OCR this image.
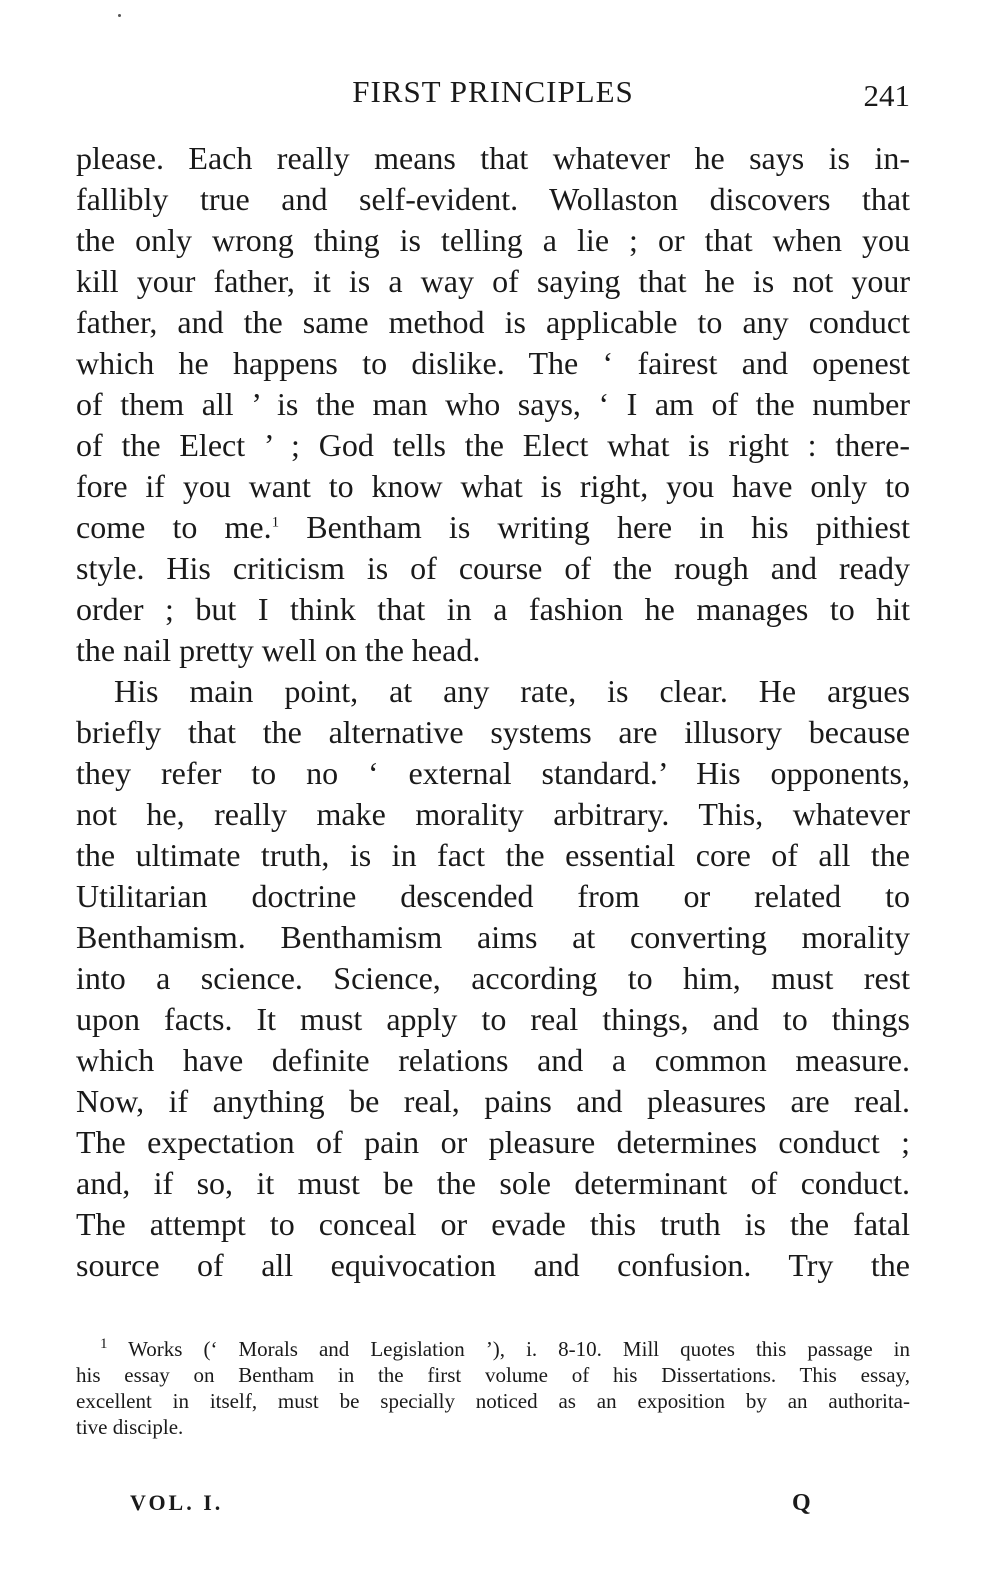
FIRST PRINCIPLES	241
please. Each really means that whatever he says is in-
fallibly true and self-evident. Wollaston discovers that
the only wrong thing is telling a lie ; or that when you
kill your father, it is a way of saying that he is not your
father, and the same method is applicable to any conduct
which he happens to dislike. The ‘ fairest and openest
of them all ’ is the man who says, ‘ I am of the number
of the Elect ’ ; God tells the Elect what is right : there-
fore if you want to know what is right, you have only to
come to me.$^1$ Bentham is writing here in his pithiest
style. His criticism is of course of the rough and ready
order ; but I think that in a fashion he manages to hit
the nail pretty well on the head.
His main point, at any rate, is clear. He argues
briefly that the alternative systems are illusory because
they refer to no ‘ external standard.’ His opponents,
not he, really make morality arbitrary. This, whatever
the ultimate truth, is in fact the essential core of all the
Utilitarian doctrine descended from or related to
Benthamism. Benthamism aims at converting morality
into a science. Science, according to him, must rest
upon facts. It must apply to real things, and to things
which have definite relations and a common measure.
Now, if anything be real, pains and pleasures are real.
The expectation of pain or pleasure determines conduct ;
and, if so, it must be the sole determinant of conduct.
The attempt to conceal or evade this truth is the fatal
source of all equivocation and confusion. Try the
$^1$ Works (‘ Morals and Legislation ’), i. 8-10. Mill quotes this passage in
his essay on Bentham in the first volume of his Dissertations. This essay,
excellent in itself, must be specially noticed as an exposition by an authorita-
tive disciple.
VOL. I.	Q
